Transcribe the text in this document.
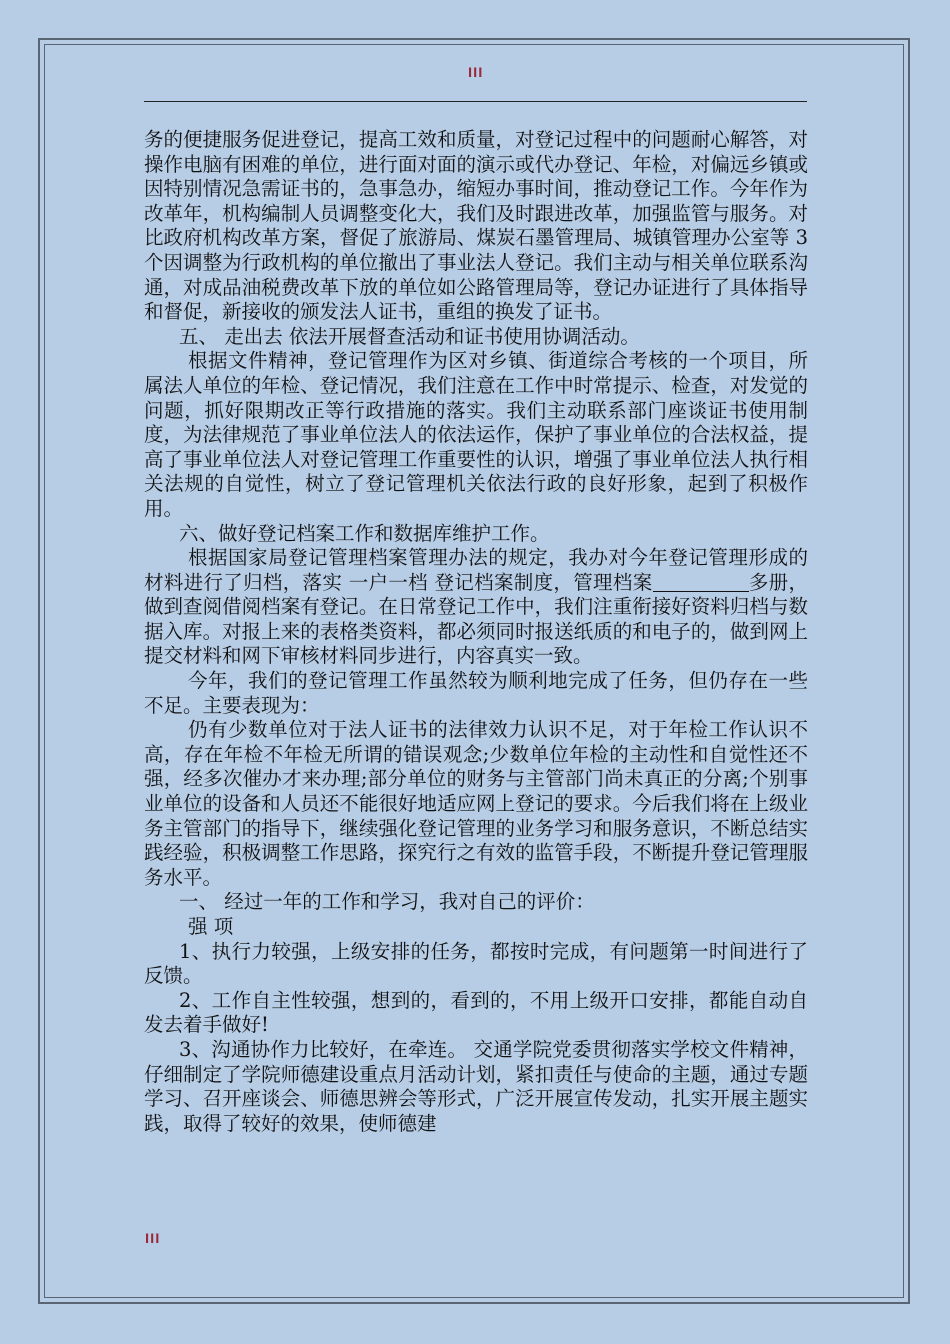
lll

务的便捷服务促进登记，提高工效和质量，对登记过程中的问题耐心解答，对操作电脑有困难的单位，进行面对面的演示或代办登记、年检，对偏远乡镇或因特别情况急需证书的，急事急办，缩短办事时间，推动登记工作。今年作为改革年，机构编制人员调整变化大，我们及时跟进改革，加强监管与服务。对比政府机构改革方案，督促了旅游局、煤炭石墨管理局、城镇管理办公室等 3 个因调整为行政机构的单位撤出了事业法人登记。我们主动与相关单位联系沟通，对成品油税费改革下放的单位如公路管理局等，登记办证进行了具体指导和督促，新接收的颁发法人证书，重组的换发了证书。

五、 走出去 依法开展督查活动和证书使用协调活动。

根据文件精神，登记管理作为区对乡镇、街道综合考核的一个项目，所属法人单位的年检、登记情况，我们注意在工作中时常提示、检查，对发觉的问题，抓好限期改正等行政措施的落实。我们主动联系部门座谈证书使用制度，为法律规范了事业单位法人的依法运作，保护了事业单位的合法权益，提高了事业单位法人对登记管理工作重要性的认识，增强了事业单位法人执行相关法规的自觉性，树立了登记管理机关依法行政的良好形象，起到了积极作用。

六、做好登记档案工作和数据库维护工作。

根据国家局登记管理档案管理办法的规定，我办对今年登记管理形成的材料进行了归档，落实 一户一档 登记档案制度，管理档案	多册，做到查阅借阅档案有登记。在日常登记工作中，我们注重衔接好资料归档与数据入库。对报上来的表格类资料，都必须同时报送纸质的和电子的，做到网上提交材料和网下审核材料同步进行，内容真实一致。

今年，我们的登记管理工作虽然较为顺利地完成了任务，但仍存在一些不足。主要表现为：

仍有少数单位对于法人证书的法律效力认识不足，对于年检工作认识不高，存在年检不年检无所谓的错误观念;少数单位年检的主动性和自觉性还不强，经多次催办才来办理;部分单位的财务与主管部门尚未真正的分离;个别事业单位的设备和人员还不能很好地适应网上登记的要求。今后我们将在上级业务主管部门的指导下，继续强化登记管理的业务学习和服务意识，不断总结实践经验，积极调整工作思路，探究行之有效的监管手段，不断提升登记管理服务水平。

一、 经过一年的工作和学习，我对自己的评价：

强 项

1、执行力较强，上级安排的任务，都按时完成，有问题第一时间进行了反馈。

2、工作自主性较强，想到的，看到的，不用上级开口安排，都能自动自发去着手做好!

3、沟通协作力比较好，在牵连。 交通学院党委贯彻落实学校文件精神，仔细制定了学院师德建设重点月活动计划，紧扣责任与使命的主题，通过专题学习、召开座谈会、师德思辨会等形式，广泛开展宣传发动，扎实开展主题实践，取得了较好的效果，使师德建

lll
